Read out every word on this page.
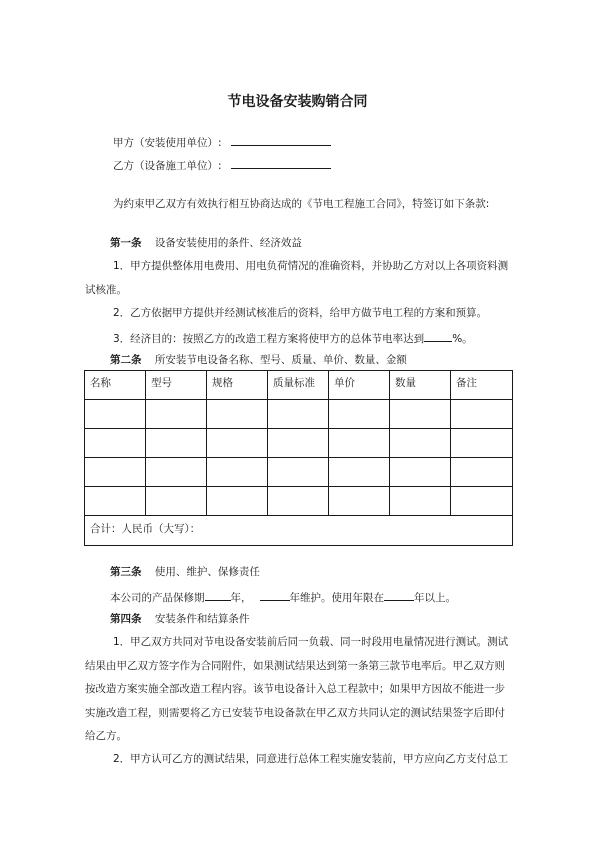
节电设备安装购销合同
甲方（安装使用单位）:
乙方（设备施工单位）:
为约束甲乙双方有效执行相互协商达成的《节电工程施工合同》，特签订如下条款:
第一条 设备安装使用的条件、经济效益
1．甲方提供整体用电费用、用电负荷情况的准确资料，并协助乙方对以上各项资料测
试核准。
2．乙方依据甲方提供并经测试核准后的资料，给甲方做节电工程的方案和预算。
3．经济目的：按照乙方的改造工程方案将使甲方的总体节电率达到	%。
第二条 所安装节电设备名称、型号、质量、单价、数量、金额
名称	型号	规格	质量标准	单价	数量	备注

合计：人民币（大写）：						
第三条 使用、维护、保修责任
本公司的产品保修期 年，	年维护。使用年限在	年以上。
第四条 安装条件和结算条件
1．甲乙双方共同对节电设备安装前后同一负载、同一时段用电量情况进行测试。测试
结果由甲乙双方签字作为合同附件，如果测试结果达到第一条第三款节电率后。甲乙双方则
按改造方案实施全部改造工程内容。该节电设备计入总工程款中；如果甲方因故不能进一步
实施改造工程，则需要将乙方已安装节电设备款在甲乙双方共同认定的测试结果签字后即付
给乙方。
2．甲方认可乙方的测试结果，同意进行总体工程实施安装前，甲方应向乙方支付总工
